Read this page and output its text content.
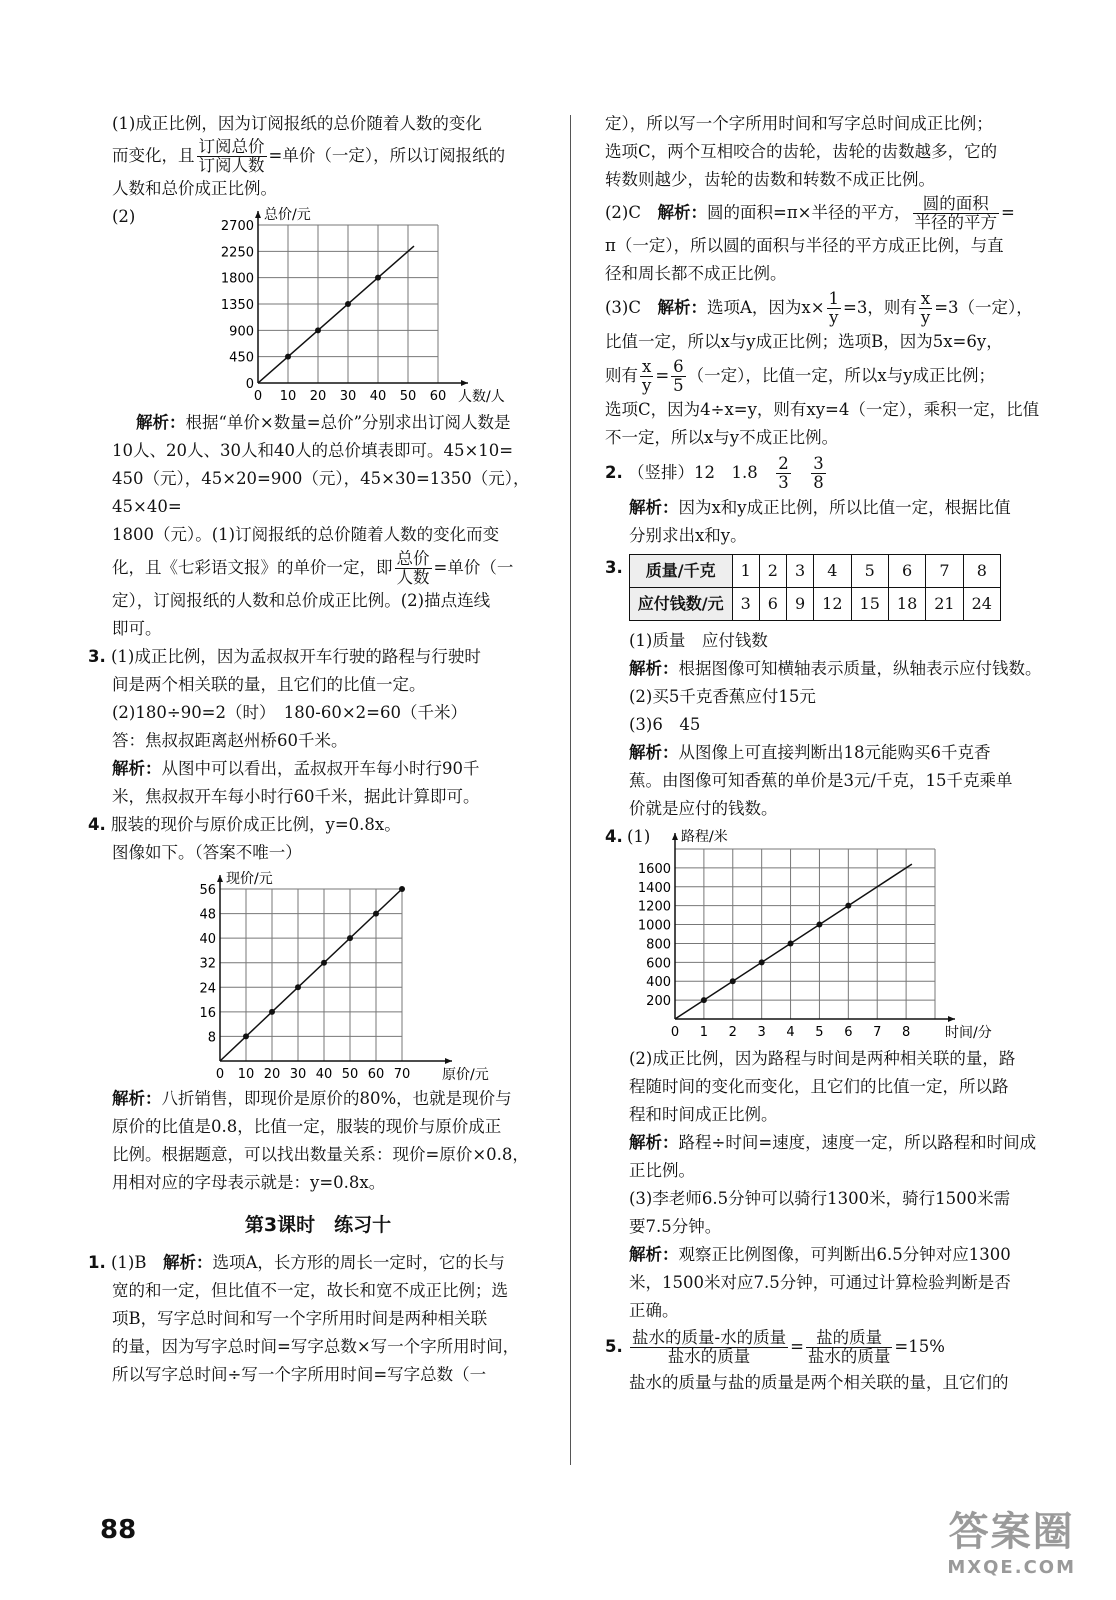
(1)成正比例，因为订阅报纸的总价随着人数的变化

而变化，且 $\frac{\text{订阅总价}}{\text{订阅人数}}$ =单价（一定），所以订阅报纸的

人数和总价成正比例。

(2)
0 10 20 30 40 50 60
0
450
900
1350
1800
2250
2700
总价/元
人数/人

解析：根据“单价×数量=总价”分别求出订阅人数是

10人、20人、30人和40人的总价填表即可。45×10=

450（元），45×20=900（元），45×30=1350（元），45×40=

1800（元）。(1)订阅报纸的总价随着人数的变化而变

化，且《七彩语文报》的单价一定，即 $\frac{\text{总价}}{\text{人数}}$ =单价（一

定），订阅报纸的人数和总价成正比例。(2)描点连线

即可。

3. (1)成正比例，因为孟叔叔开车行驶的路程与行驶时

间是两个相关联的量，且它们的比值一定。

(2)180÷90=2（时）　180-60×2=60（千米）

答：焦叔叔距离赵州桥60千米。

解析：从图中可以看出，孟叔叔开车每小时行90千

米，焦叔叔开车每小时行60千米，据此计算即可。

4. 服装的现价与原价成正比例，y=0.8x。

图像如下。（答案不唯一）

0 10 20 30 40 50 60 70
8
16
24
32
40
48
56
现价/元
原价/元

解析：八折销售，即现价是原价的80%，也就是现价与

原价的比值是0.8，比值一定，服装的现价与原价成正

比例。根据题意，可以找出数量关系：现价=原价×0.8，

用相对应的字母表示就是：y=0.8x。

第3课时　练习十

1. (1)B　解析：选项A，长方形的周长一定时，它的长与

宽的和一定，但比值不一定，故长和宽不成正比例；选

项B，写字总时间和写一个字所用时间是两种相关联

的量，因为写字总时间=写字总数×写一个字所用时间，

所以写字总时间÷写一个字所用时间=写字总数（一

定），所以写一个字所用时间和写字总时间成正比例；

选项C，两个互相咬合的齿轮，齿轮的齿数越多，它的

转数则越少，齿轮的齿数和转数不成正比例。

(2)C　解析：圆的面积=π×半径的平方， $\frac{\text{圆的面积}}{\text{半径的平方}}$ =

π（一定），所以圆的面积与半径的平方成正比例，与直

径和周长都不成正比例。

(3)C　解析：选项A，因为$x\times \frac{1}{y} =3$，则有 $\frac{x}{y} =3$（一定），

比值一定，所以x与y成正比例；选项B，因为5x=6y，

则有 $\frac{x}{y} = \frac{6}{5}$ （一定），比值一定，所以x与y成正比例；

选项C，因为4÷x=y，则有xy=4（一定），乘积一定，比值

不一定，所以x与y不成正比例。

2. （竖排）12　1.8　 $\frac{2}{3}$
　 $\frac{3}{8}$

解析：因为x和y成正比例，所以比值一定，根据比值

分别求出x和y。

3. 质量/千克	1	2	3	4	5	6	7	8
应付钱数/元	3	6	9	12	15	18	21	24

(1)质量　应付钱数

解析：根据图像可知横轴表示质量，纵轴表示应付钱数。

(2)买5千克香蕉应付15元

(3)6　45

解析：从图像上可直接判断出18元能购买6千克香

蕉。由图像可知香蕉的单价是3元/千克，15千克乘单

价就是应付的钱数。

4. (1)
0 1 2 3 4 5 6 7 8
200
400
600
800
1000
1200
1400
1600
路程/米
时间/分

(2)成正比例，因为路程与时间是两种相关联的量，路

程随时间的变化而变化，且它们的比值一定，所以路

程和时间成正比例。

解析：路程÷时间=速度，速度一定，所以路程和时间成

正比例。

(3)李老师6.5分钟可以骑行1300米，骑行1500米需

要7.5分钟。

解析：观察正比例图像，可判断出6.5分钟对应1300

米，1500米对应7.5分钟，可通过计算检验判断是否

正确。

5. $\frac{\text{盐水的质量-水的质量}}{\text{盐水的质量}} = \frac{\text{盐的质量}}{\text{盐水的质量}} =15\%$

盐水的质量与盐的质量是两个相关联的量，且它们的

88	答案圈
MXQE.COM
